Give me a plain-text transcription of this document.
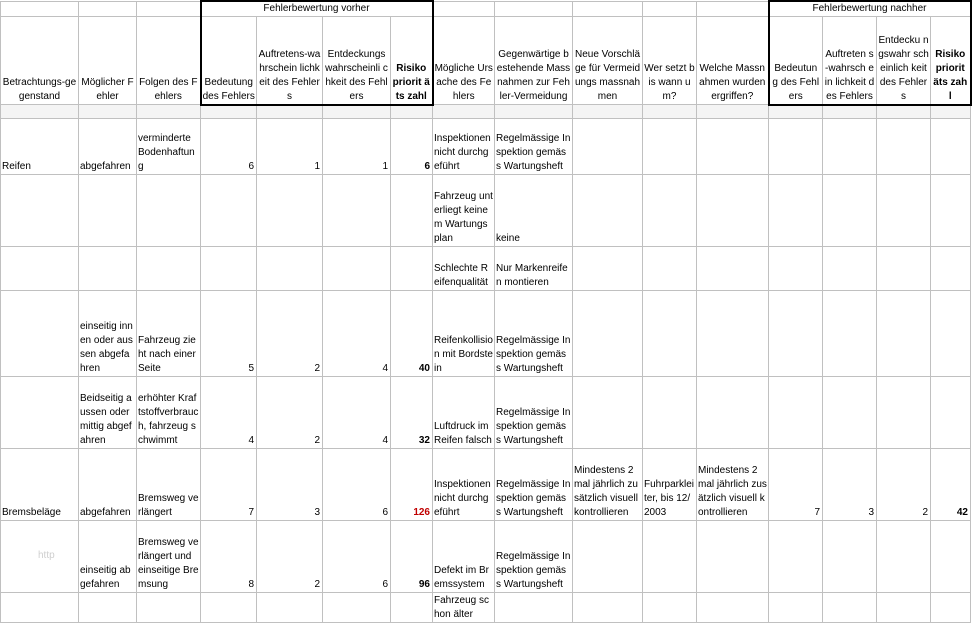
			Fehlerbewertung vorher									Fehlerbewertung nachher			
Betrachtungs-gegenstand	Möglicher Fehler	Folgen des Fehlers	Bedeutung des Fehlers	Auftretens-wahrschein lichkeit des Fehlers	Entdeckungs wahrscheinli chkeit des Fehlers	Risiko priorit äts zahl	Mögliche Ursache des Fehlers	Gegenwärtige bestehende Massnahmen zur Fehler-Vermeidung	Neue Vorschläge für Vermeidungs massnahmen	Wer setzt bis wann um?	Welche Massnahmen wurden ergriffen?	Bedeutun g des Fehlers	Auftreten s-wahrsch ein lichkeit des Fehlers	Entdecku ngswahr scheinlich keit des Fehlers	Risiko priorit äts zahl

Reifen	abgefahren	verminderte Bodenhaftung	6	1	1	6	Inspektionen nicht durchgeführt	Regelmässige Inspektion gemäss Wartungsheft							
							Fahrzeug unterliegt keinem Wartungsplan	keine							
							Schlechte Reifenqualität	Nur Markenreifen montieren							
	einseitig innen oder aussen abgefahren	Fahrzeug zieht nach einer Seite	5	2	4	40	Reifenkollision mit Bordstein	Regelmässige Inspektion gemäss Wartungsheft							
	Beidseitig aussen oder mittig abgefahren	erhöhter Kraftstoffverbrauch, fahrzeug schwimmt	4	2	4	32	Luftdruck im Reifen falsch	Regelmässige Inspektion gemäss Wartungsheft							
Bremsbeläge	abgefahren	Bremsweg verlängert	7	3	6	126	Inspektionen nicht durchgeführt	Regelmässige Inspektion gemäss Wartungsheft	Mindestens 2 mal jährlich zusätzlich visuell kontrollieren	Fuhrparkleiter, bis 12/2003	Mindestens 2 mal jährlich zusätzlich visuell kontrollieren	7	3	2	42
	einseitig abgefahren	Bremsweg verlängert und einseitige Bremsung	8	2	6	96	Defekt im Bremssystem	Regelmässige Inspektion gemäss Wartungsheft							
							Fahrzeug schon älter								
http
